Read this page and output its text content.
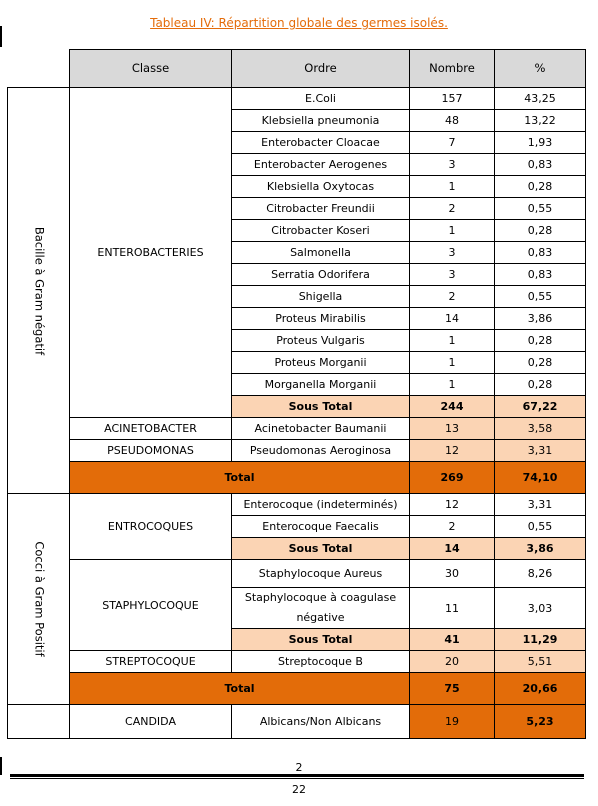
Tableau IV: Répartition globale des germes isolés.
	Classe	Ordre	Nombre	%

Bacille à Gram négatif	ENTEROBACTERIES	E.Coli	157	43,25
		Klebsiella pneumonia	48	13,22
		Enterobacter Cloacae	7	1,93
		Enterobacter Aerogenes	3	0,83
		Klebsiella Oxytocas	1	0,28
		Citrobacter Freundii	2	0,55
		Citrobacter Koseri	1	0,28
		Salmonella	3	0,83
		Serratia Odorifera	3	0,83
		Shigella	2	0,55
		Proteus Mirabilis	14	3,86
		Proteus Vulgaris	1	0,28
		Proteus Morganii	1	0,28
		Morganella Morganii	1	0,28
		Sous Total	244	67,22
	ACINETOBACTER	Acinetobacter Baumanii	13	3,58
	PSEUDOMONAS	Pseudomonas Aeroginosa	12	3,31
	Total		269	74,10

Cocci à Gram Positif	ENTROCOQUES	Enterocoque (indeterminés)	12	3,31
		Enterocoque Faecalis	2	0,55
		Sous Total	14	3,86
	STAPHYLOCOQUE	Staphylocoque Aureus	30	8,26
		Staphylocoque à coagulase négative	11	3,03
		Sous Total	41	11,29
	STREPTOCOQUE	Streptocoque B	20	5,51
	Total		75	20,66
	CANDIDA	Albicans/Non Albicans	19	5,23
2
22
